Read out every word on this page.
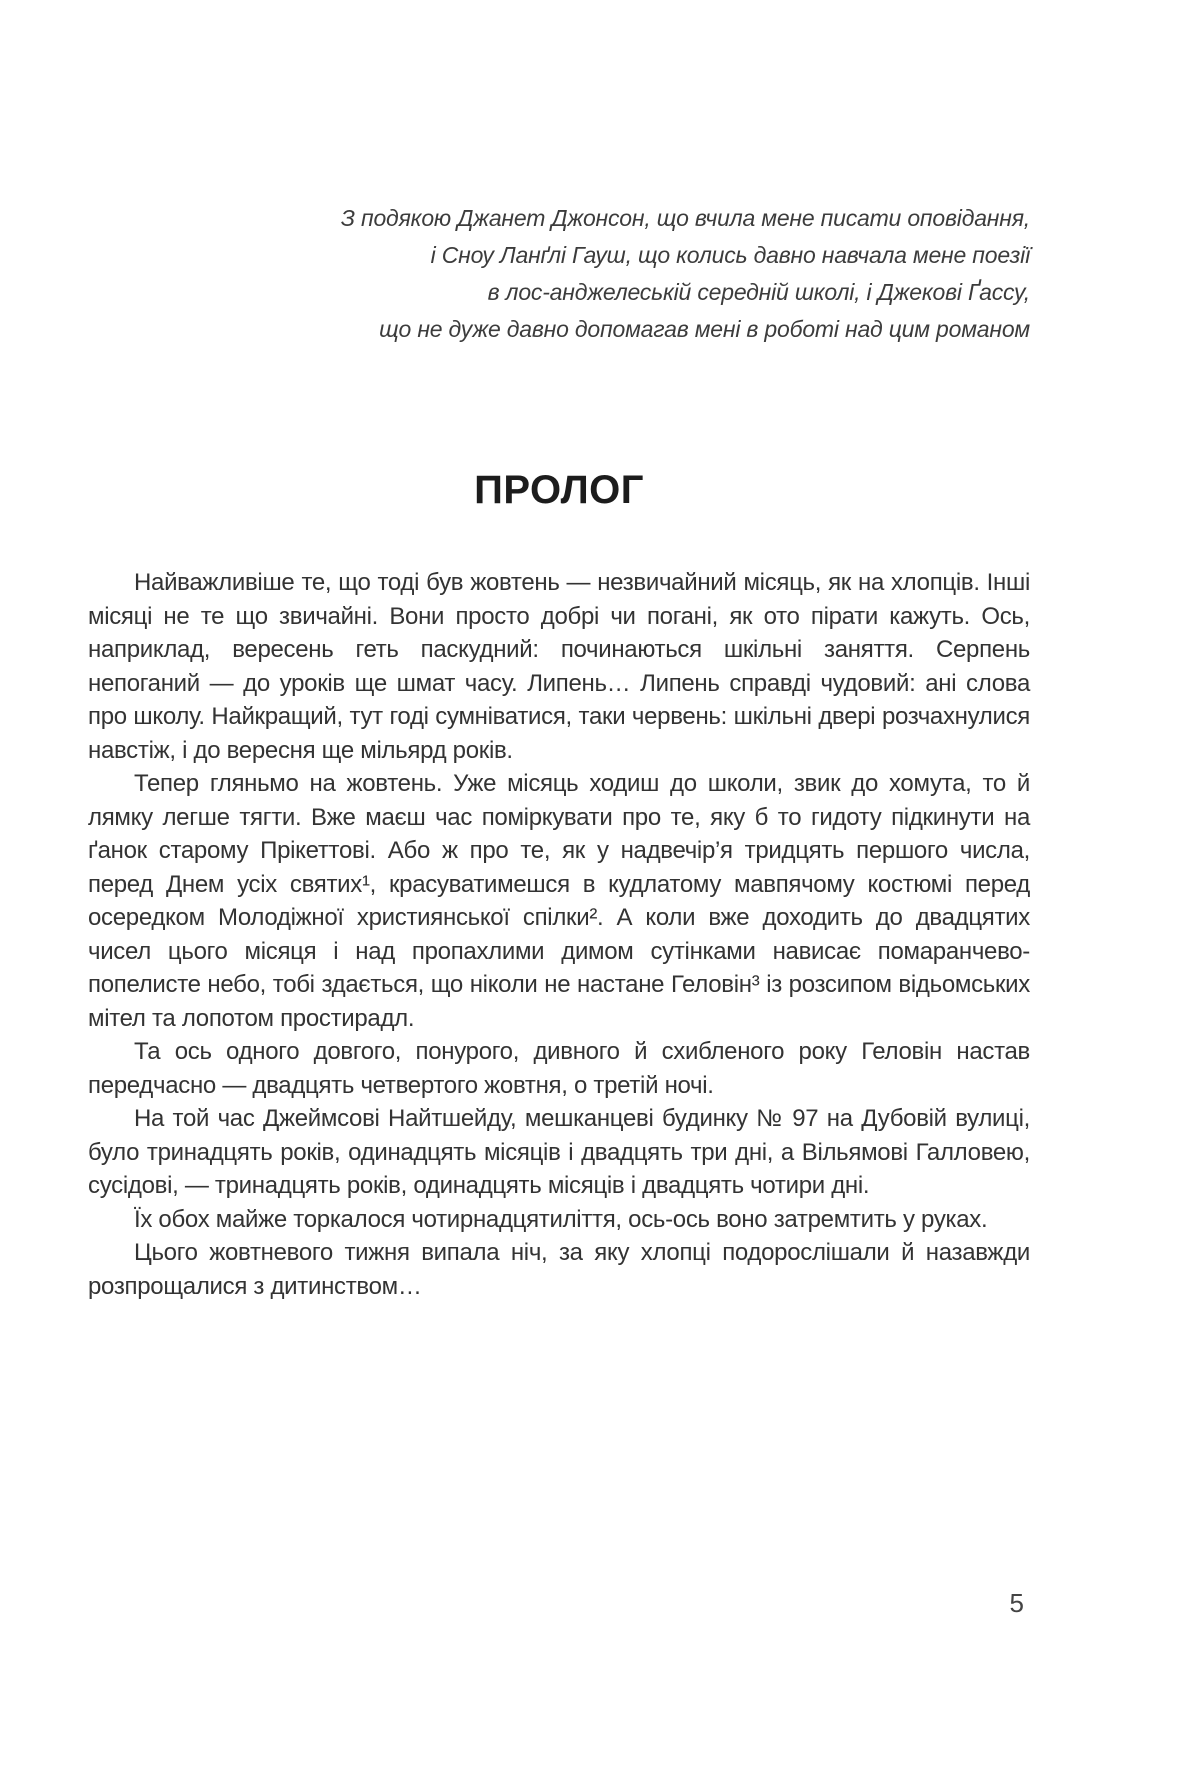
З подякою Джанет Джонсон, що вчила мене писати оповідання,
і Сноу Ланґлі Гауш, що колись давно навчала мене поезії
в лос-анджелеській середній школі, і Джекові Ґассу,
що не дуже давно допомагав мені в роботі над цим романом
ПРОЛОГ

Найважливіше те, що тоді був жовтень — незвичайний місяць, як на хлопців. Інші місяці не те що звичайні. Вони просто добрі чи погані, як ото пірати кажуть. Ось, наприклад, вересень геть паскудний: починаються шкільні заняття. Серпень непоганий — до уроків ще шмат часу. Липень… Липень справді чудовий: ані слова про школу. Найкращий, тут годі сумніватися, таки червень: шкільні двері розчахнулися навстіж, і до вересня ще мільярд років.

Тепер гляньмо на жовтень. Уже місяць ходиш до школи, звик до хомута, то й лямку легше тягти. Вже маєш час поміркувати про те, яку б то гидоту підкинути на ґанок старому Прікеттові. Або ж про те, як у надвечір’я тридцять першого числа, перед Днем усіх святих¹, красуватимешся в кудлатому мавпячому костюмі перед осередком Молодіжної християнської спілки². А коли вже доходить до двадцятих чисел цього місяця і над пропахлими димом сутінками нависає помаранчево-попелисте небо, тобі здається, що ніколи не настане Геловін³ із розсипом відьомських мітел та лопотом простирадл.

Та ось одного довгого, понурого, дивного й схибленого року Геловін настав передчасно — двадцять четвертого жовтня, о третій ночі.

На той час Джеймсові Найтшейду, мешканцеві будинку № 97 на Дубовій вулиці, було тринадцять років, одинадцять місяців і двадцять три дні, а Вільямові Галловею, сусідові, — тринадцять років, одинадцять місяців і двадцять чотири дні.

Їх обох майже торкалося чотирнадцятиліття, ось-ось воно затремтить у руках.

Цього жовтневого тижня випала ніч, за яку хлопці подорослішали й назавжди розпрощалися з дитинством…

5
